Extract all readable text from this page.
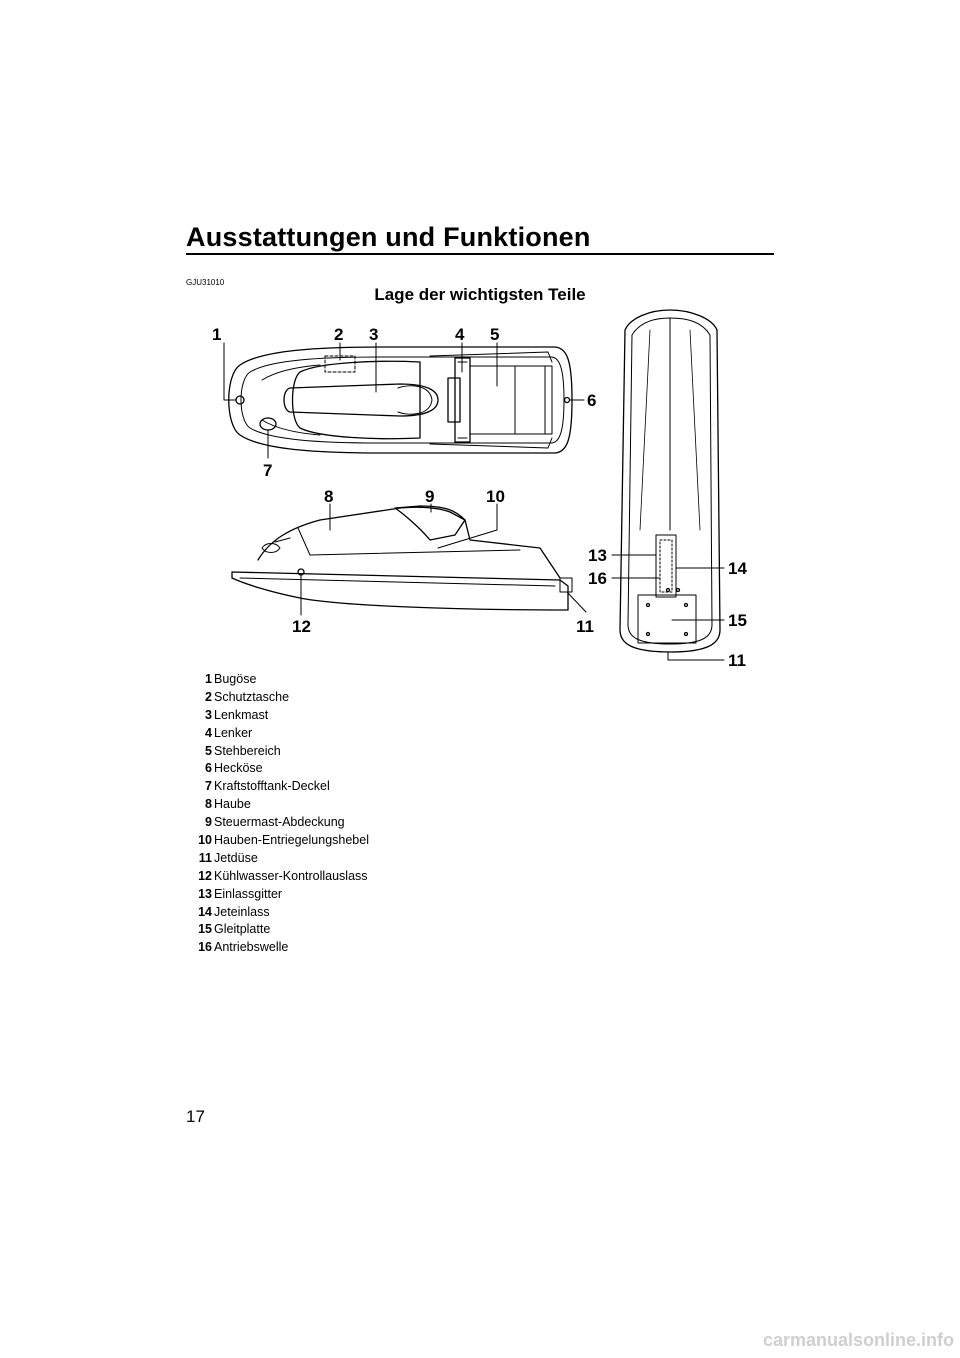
Ausstattungen und Funktionen
GJU31010
Lage der wichtigsten Teile
1	2 3	4 5
6
7
8	9	10
11
12
13
14
15
16
11
1 Bugöse
2 Schutztasche
3 Lenkmast
4 Lenker
5 Stehbereich
6 Hecköse
7 Kraftstofftank-Deckel
8 Haube
9 Steuermast-Abdeckung
10 Hauben-Entriegelungshebel
11 Jetdüse
12 Kühlwasser-Kontrollauslass
13 Einlassgitter
14 Jeteinlass
15 Gleitplatte
16 Antriebswelle
17
carmanualsonline.info
